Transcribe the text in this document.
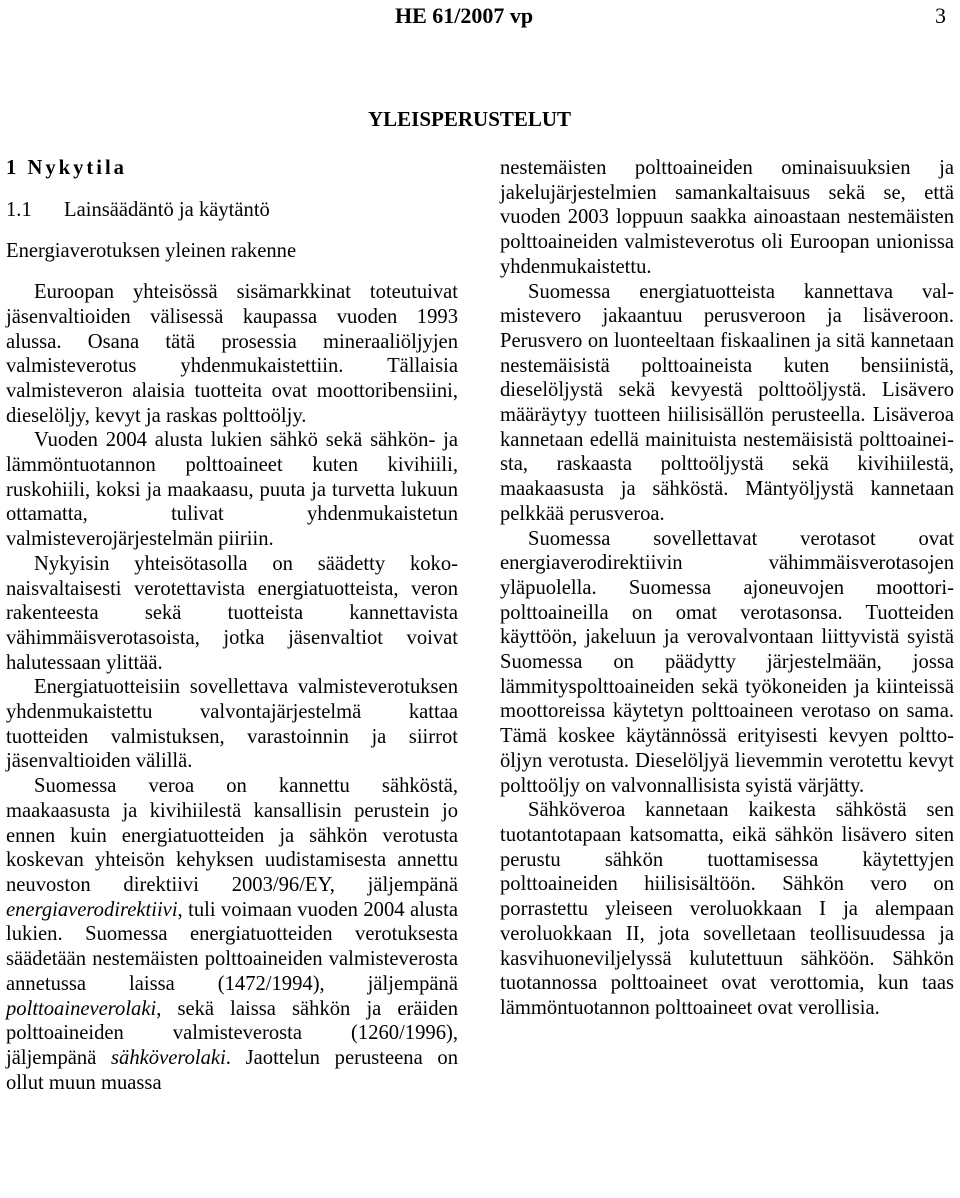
HE 61/2007 vp	3
YLEISPERUSTELUT
1 Nykytila
1.1 Lainsäädäntö ja käytäntö
Energiaverotuksen yleinen rakenne

Euroopan yhteisössä sisämarkkinat toteutuivat jäsenvaltioiden välisessä kaupassa vuoden 1993 alussa. Osana tätä prosessia mineraaliöljyjen valmisteverotus yhdenmukaistettiin. Tällaisia valmisteveron alaisia tuotteita ovat moottoribensiini, dieselöljy, kevyt ja raskas polttoöljy.

Vuoden 2004 alusta lukien sähkö sekä sähkön- ja lämmöntuotannon polttoaineet kuten kivihiili, ruskohiili, koksi ja maakaasu, puuta ja turvetta lukuun ottamatta, tulivat yhdenmukaistetun valmisteverojärjestelmän piiriin.

Nykyisin yhteisötasolla on säädetty kokonaisvaltaisesti verotettavista energiatuotteista, veron rakenteesta sekä tuotteista kannettavista vähimmäisverotasoista, jotka jäsenvaltiot voivat halutessaan ylittää.

Energiatuotteisiin sovellettava valmisteverotuksen yhdenmukaistettu valvontajärjestelmä kattaa tuotteiden valmistuksen, varastoinnin ja siirrot jäsenvaltioiden välillä.

Suomessa veroa on kannettu sähköstä, maakaasusta ja kivihiilestä kansallisin perustein jo ennen kuin energiatuotteiden ja sähkön verotusta koskevan yhteisön kehyksen uudistamisesta annettu neuvoston direktiivi 2003/96/EY, jäljempänä energiaverodirektiivi, tuli voimaan vuoden 2004 alusta lukien. Suomessa energiatuotteiden verotuksesta säädetään nestemäisten polttoaineiden valmisteverosta annetussa laissa (1472/1994), jäljempänä polttoaineverolaki, sekä laissa sähkön ja eräiden polttoaineiden valmisteverosta (1260/1996), jäljempänä sähköverolaki. Jaottelun perusteena on ollut muun muassa

nestemäisten polttoaineiden ominaisuuksien ja jakelujärjestelmien samankaltaisuus sekä se, että vuoden 2003 loppuun saakka ainoastaan nestemäisten polttoaineiden valmisteverotus oli Euroopan unionissa yhdenmukaistettu.

Suomessa energiatuotteista kannettava valmistevero jakaantuu perusveroon ja lisäveroon. Perusvero on luonteeltaan fiskaalinen ja sitä kannetaan nestemäisistä polttoaineista kuten bensiinistä, dieselöljystä sekä kevyestä polttoöljystä. Lisävero määräytyy tuotteen hiilisisällön perusteella. Lisäveroa kannetaan edellä mainituista nestemäisistä polttoaineista, raskaasta polttoöljystä sekä kivihiilestä, maakaasusta ja sähköstä. Mäntyöljystä kannetaan pelkkää perusveroa.

Suomessa sovellettavat verotasot ovat energiaverodirektiivin vähimmäisverotasojen yläpuolella. Suomessa ajoneuvojen moottoripolttoaineilla on omat verotasonsa. Tuotteiden käyttöön, jakeluun ja verovalvontaan liittyvistä syistä Suomessa on päädytty järjestelmään, jossa lämmityspolttoaineiden sekä työkoneiden ja kiinteissä moottoreissa käytetyn polttoaineen verotaso on sama. Tämä koskee käytännössä erityisesti kevyen polttoöljyn verotusta. Dieselöljyä lievemmin verotettu kevyt polttoöljy on valvonnallisista syistä värjätty.

Sähköveroa kannetaan kaikesta sähköstä sen tuotantotapaan katsomatta, eikä sähkön lisävero siten perustu sähkön tuottamisessa käytettyjen polttoaineiden hiilisisältöön. Sähkön vero on porrastettu yleiseen veroluokkaan I ja alempaan veroluokkaan II, jota sovelletaan teollisuudessa ja kasvihuoneviljelyssä kulutettuun sähköön. Sähkön tuotannossa polttoaineet ovat verottomia, kun taas lämmöntuotannon polttoaineet ovat verollisia.
